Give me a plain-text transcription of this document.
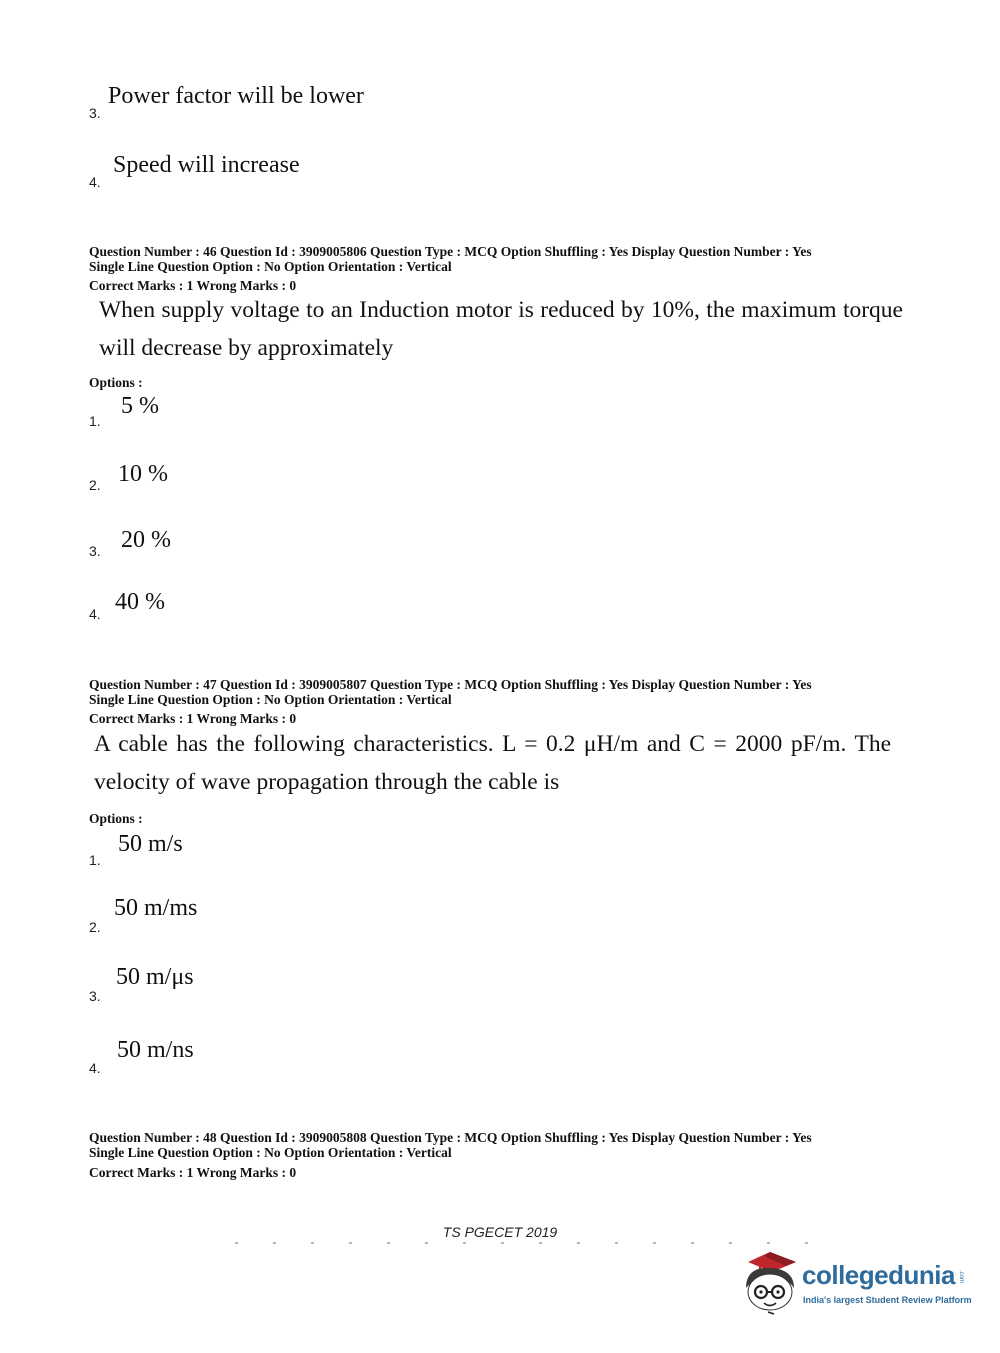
3.
Power factor will be lower
4.
Speed will increase
Question Number : 46 Question Id : 3909005806 Question Type : MCQ Option Shuffling : Yes Display Question Number : Yes
Single Line Question Option : No Option Orientation : Vertical
Correct Marks : 1 Wrong Marks : 0
When supply voltage to an Induction motor is reduced by 10%, the maximum torque will decrease by approximately
Options :
1.
5 %
2. 10 %
3. 20 %
4. 40 %
Question Number : 47 Question Id : 3909005807 Question Type : MCQ Option Shuffling : Yes Display Question Number : Yes
Single Line Question Option : No Option Orientation : Vertical
Correct Marks : 1 Wrong Marks : 0
A cable has the following characteristics. L = 0.2 μH/m and C = 2000 pF/m. The velocity of wave propagation through the cable is
Options :
1.
50 m/s
2.
50 m/ms
3.
50 m/μs
4.
50 m/ns
Question Number : 48 Question Id : 3909005808 Question Type : MCQ Option Shuffling : Yes Display Question Number : Yes
Single Line Question Option : No Option Orientation : Vertical
Correct Marks : 1 Wrong Marks : 0
TS PGECET 2019
collegedunia .com
India's largest Student Review Platform
